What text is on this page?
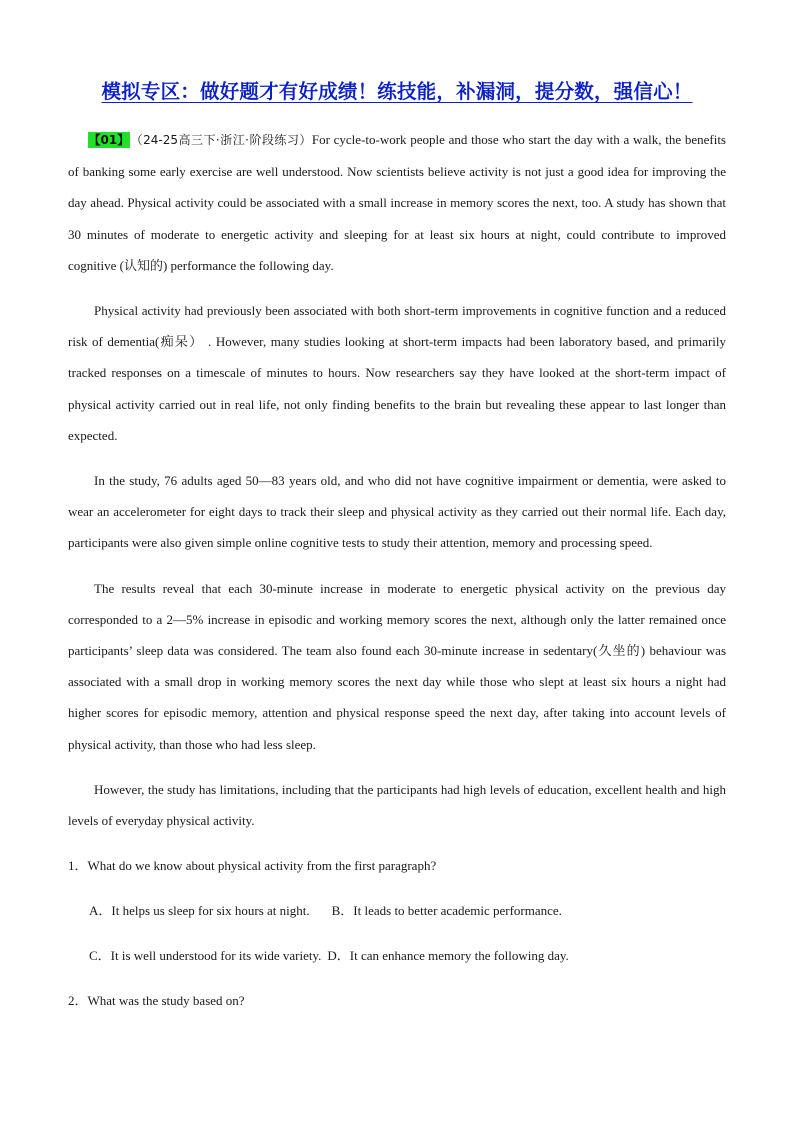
模拟专区：做好题才有好成绩！练技能，补漏洞，提分数，强信心！

【01】（24-25高三下·浙江·阶段练习）For cycle-to-work people and those who start the day with a walk, the benefits of banking some early exercise are well understood. Now scientists believe activity is not just a good idea for improving the day ahead. Physical activity could be associated with a small increase in memory scores the next, too. A study has shown that 30 minutes of moderate to energetic activity and sleeping for at least six hours at night, could contribute to improved cognitive (认知的) performance the following day.

Physical activity had previously been associated with both short-term improvements in cognitive function and a reduced risk of dementia(痴呆） . However, many studies looking at short-term impacts had been laboratory based, and primarily tracked responses on a timescale of minutes to hours. Now researchers say they have looked at the short-term impact of physical activity carried out in real life, not only finding benefits to the brain but revealing these appear to last longer than expected.

In the study, 76 adults aged 50—83 years old, and who did not have cognitive impairment or dementia, were asked to wear an accelerometer for eight days to track their sleep and physical activity as they carried out their normal life. Each day, participants were also given simple online cognitive tests to study their attention, memory and processing speed.

The results reveal that each 30-minute increase in moderate to energetic physical activity on the previous day corresponded to a 2—5% increase in episodic and working memory scores the next, although only the latter remained once participants’ sleep data was considered. The team also found each 30-minute increase in sedentary(久坐的) behaviour was associated with a small drop in working memory scores the next day while those who slept at least six hours a night had higher scores for episodic memory, attention and physical response speed the next day, after taking into account levels of physical activity, than those who had less sleep.

However, the study has limitations, including that the participants had high levels of education, excellent health and high levels of everyday physical activity.

1．What do we know about physical activity from the first paragraph?
A．It helps us sleep for six hours at night. B．It leads to better academic performance.
C．It is well understood for its wide variety. D．It can enhance memory the following day.
2．What was the study based on?
